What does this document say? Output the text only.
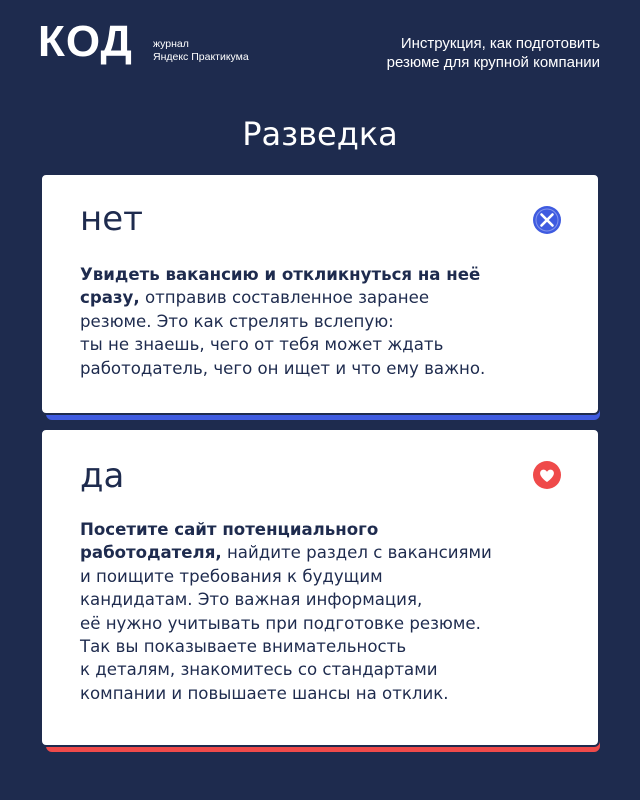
КОД журнал
Яндекс Практикума
Инструкция, как подготовить
резюме для крупной компании
Разведка
нет
Увидеть вакансию и откликнуться на неё
сразу, отправив составленное заранее
резюме. Это как стрелять вслепую:
ты не знаешь, чего от тебя может ждать
работодатель, чего он ищет и что ему важно.
да
Посетите сайт потенциального
работодателя, найдите раздел с вакансиями
и поищите требования к будущим
кандидатам. Это важная информация,
её нужно учитывать при подготовке резюме.
Так вы показываете внимательность
к деталям, знакомитесь со стандартами
компании и повышаете шансы на отклик.
